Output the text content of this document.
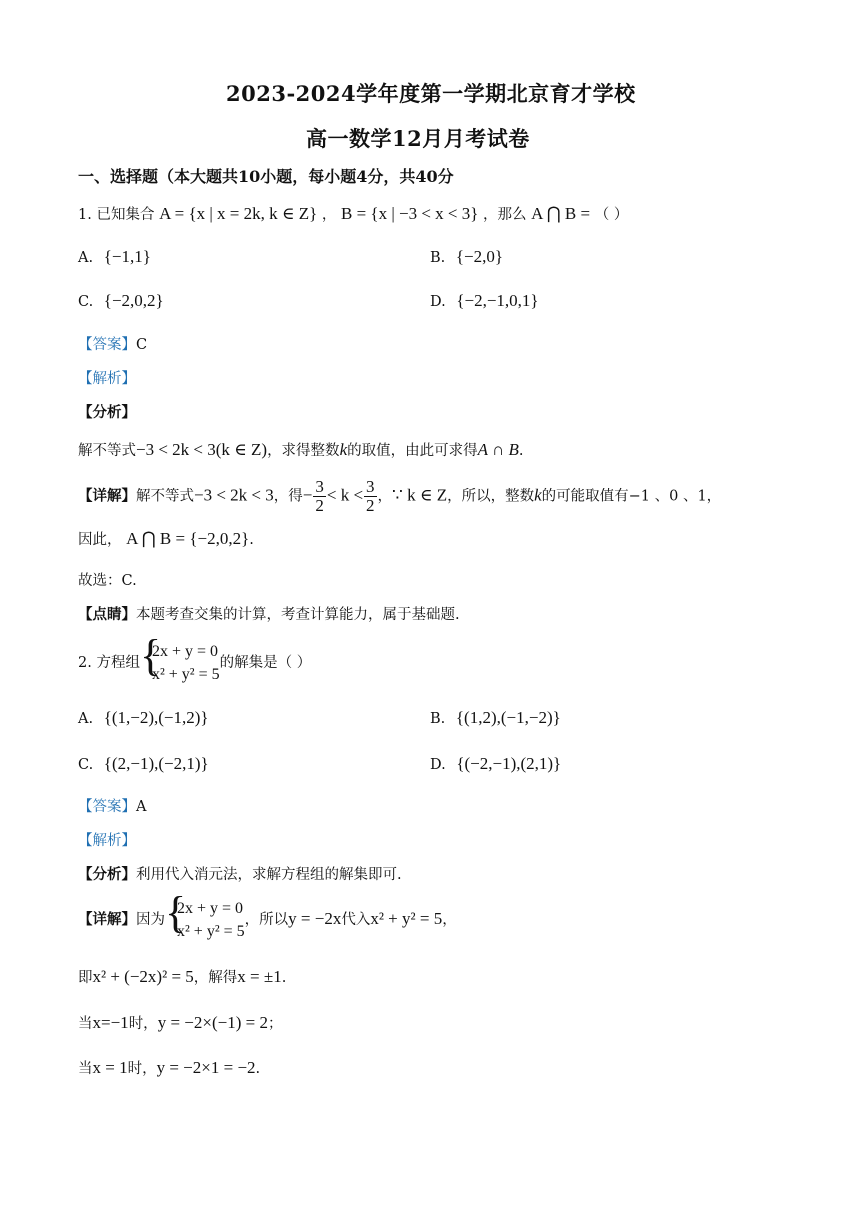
2023-2024学年度第一学期北京育才学校
高一数学12月月考试卷
一、选择题（本大题共10小题，每小题4分，共40分
1. 已知集合 A = {x | x = 2k, k ∈ Z} ， B = {x | −3 < x < 3} ，那么 A ⋂ B = （ ）
A. {−1,1}	B. {−2,0}
C. {−2,0,2}	D. {−2,−1,0,1}
【答案】C
【解析】
【分析】
解不等式−3 < 2k < 3(k ∈ Z)，求得整数k的取值，由此可求得A ∩ B.
【详解】解不等式−3 < 2k < 3，得− $\frac{3}{2} < k < \frac{3}{2}$ ，∵ k ∈ Z，所以，整数k的可能取值有−1 、0 、1，
因此， A ⋂ B = {−2,0,2}.
故选：C.
【点睛】本题考查交集的计算，考查计算能力，属于基础题.
2. 方程组 {
2x + y = 0
x² + y² = 5
的解集是（ ）
A. {(1,−2),(−1,2)}	B. {(1,2),(−1,−2)}
C. {(2,−1),(−2,1)}	D. {(−2,−1),(2,1)}
【答案】A
【解析】
【分析】利用代入消元法，求解方程组的解集即可.
【详解】因为 {
2x + y = 0
x² + y² = 5
，所以y = −2x代入x² + y² = 5，
即x² + (−2x)² = 5，解得x = ±1.
当x=−1时，y = −2×(−1) = 2；
当x = 1时，y = −2×1 = −2.
